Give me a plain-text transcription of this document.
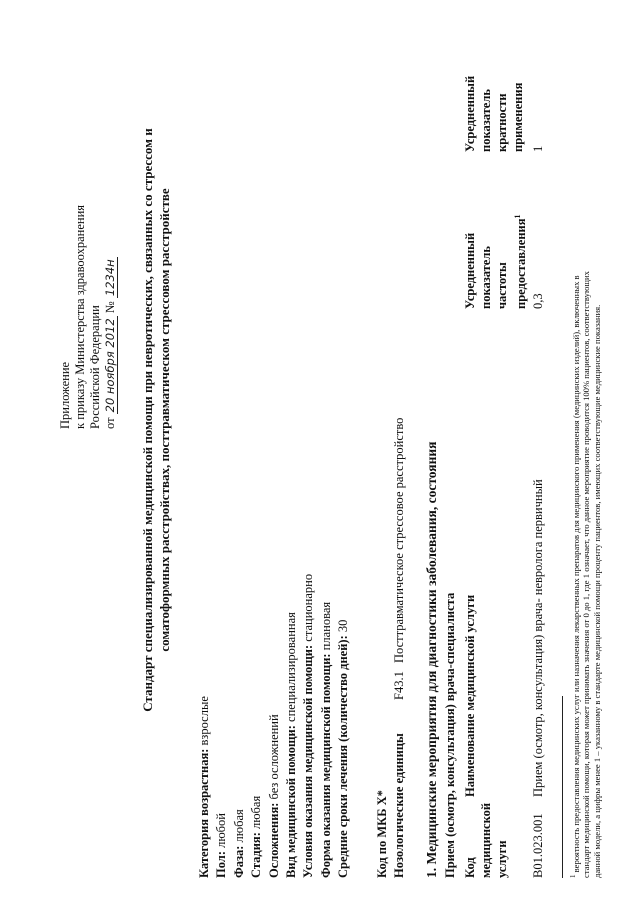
Приложение к приказу Министерства здравоохранения Российской Федерации от 20 ноября 2012 № 1234н Стандарт специализированной медицинской помощи при невротических, связанных со стрессом и соматоформных расстройствах, посттравматическом стрессовом расстройстве
Категория возрастная: взрослые
Пол: любой
Фаза: любая
Стадия: любая Осложнения: без осложнений Вид медицинской помощи: специализированная Условия оказания медицинской помощи: стационарно
Форма оказания медицинской помощи: плановая
Средние сроки лечения (количество дней): 30
Код по МКБ X* Нозологические единицы
F43.1
Посттравматическое стрессовое расстройство 1. Медицинские мероприятия для диагностики заболевания, состояния Прием (осмотр, консультация) врача-специалиста Код медицинской услуги
Наименование медицинской услуги
Усредненный показатель частоты предоставления$^1$
Усредненный показатель кратности применения
B01.023.001
Прием (осмотр, консультация) врача- невролога первичный
0,3
1
$^1$ вероятность предоставления медицинских услуг или назначения лекарственных препаратов для медицинского применения (медицинских изделий), включенных в стандарт медицинской помощи, которая может принимать значения от 0 до 1, где 1 означает, что данное мероприятие проводится 100% пациентов, соответствующих данной модели, а цифры менее 1 – указанному в стандарте медицинской помощи проценту пациентов, имеющих соответствующие медицинские показания.
